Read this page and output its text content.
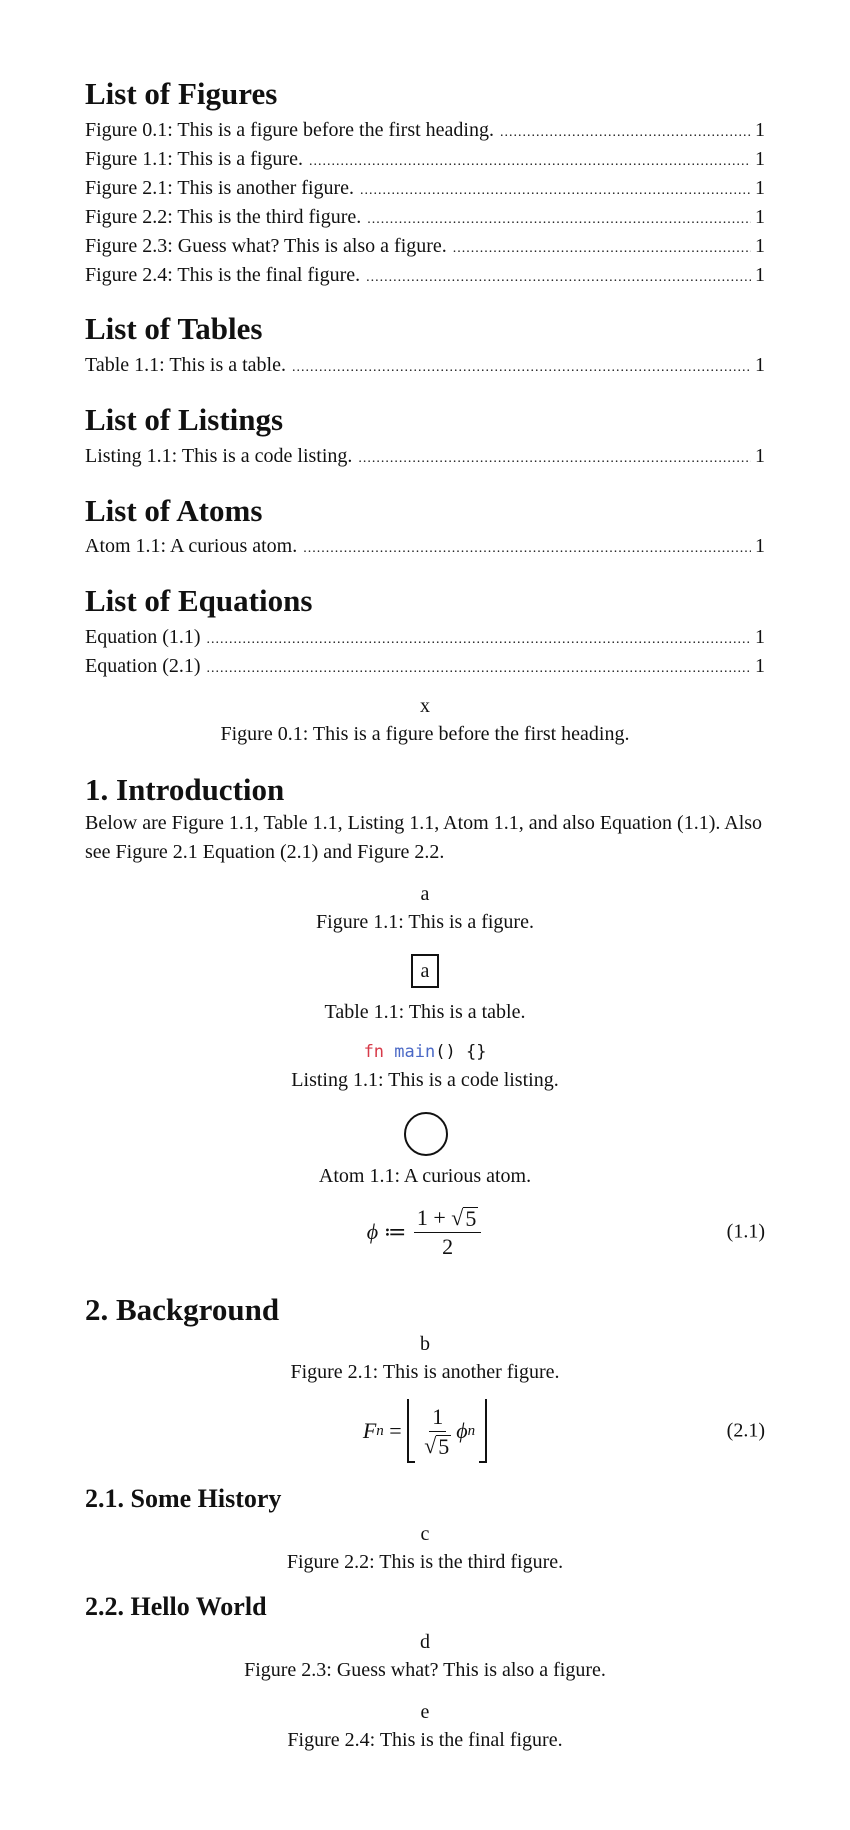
List of Figures
Figure 0.1: This is a figure before the first heading. .....	1
Figure 1.1: This is a figure. .....	1
Figure 2.1: This is another figure. .....	1
Figure 2.2: This is the third figure. .....	1
Figure 2.3: Guess what? This is also a figure. .....	1
Figure 2.4: This is the final figure. .....	1
List of Tables
Table 1.1: This is a table. .....	1
List of Listings
Listing 1.1: This is a code listing. .....	1
List of Atoms
Atom 1.1: A curious atom. .....	1
List of Equations
Equation (1.1) .....	1
Equation (2.1) .....	1
x
Figure 0.1: This is a figure before the first heading.
1. Introduction
Below are Figure 1.1, Table 1.1, Listing 1.1, Atom 1.1, and also Equation (1.1). Also see Figure 2.1 Equation (2.1) and Figure 2.2.
a
Figure 1.1: This is a figure.
a
Table 1.1: This is a table.
fn main() {}
Listing 1.1: This is a code listing.
Atom 1.1: A curious atom.
ϕ ≔ $\frac{1 + √ 5}{2}$	(1.1)
2. Background
b
Figure 2.1: This is another figure.
F $n = \frac{1}{√ 5}$ ϕ n	(2.1)
2.1. Some History
c
Figure 2.2: This is the third figure.
2.2. Hello World
d
Figure 2.3: Guess what? This is also a figure.
e
Figure 2.4: This is the final figure.
